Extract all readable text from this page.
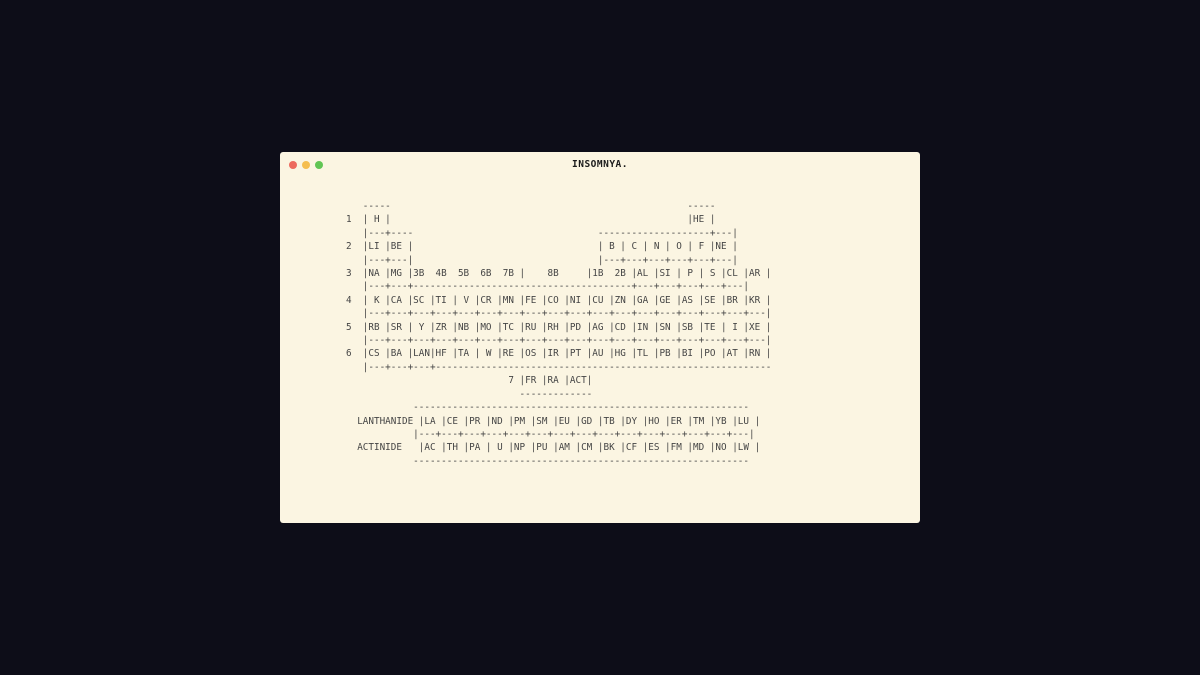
INSOMNYA.
-----                                                     -----
1  | H |                                                     |HE |
|---+----                                 --------------------+---|
2  |LI |BE |                                 | B | C | N | O | F |NE |
|---+---|                                 |---+---+---+---+---+---|
3  |NA |MG |3B  4B  5B  6B  7B |    8B     |1B  2B |AL |SI | P | S |CL |AR |
|---+---+---------------------------------------+---+---+---+---+---|
4  | K |CA |SC |TI | V |CR |MN |FE |CO |NI |CU |ZN |GA |GE |AS |SE |BR |KR |
|---+---+---+---+---+---+---+---+---+---+---+---+---+---+---+---+---+---|
5  |RB |SR | Y |ZR |NB |MO |TC |RU |RH |PD |AG |CD |IN |SN |SB |TE | I |XE |
|---+---+---+---+---+---+---+---+---+---+---+---+---+---+---+---+---+---|
6  |CS |BA |LAN|HF |TA | W |RE |OS |IR |PT |AU |HG |TL |PB |BI |PO |AT |RN |
|---+---+---+------------------------------------------------------------
7 |FR |RA |ACT|
-------------
------------------------------------------------------------
LANTHANIDE |LA |CE |PR |ND |PM |SM |EU |GD |TB |DY |HO |ER |TM |YB |LU |
|---+---+---+---+---+---+---+---+---+---+---+---+---+---+---|
ACTINIDE   |AC |TH |PA | U |NP |PU |AM |CM |BK |CF |ES |FM |MD |NO |LW |
------------------------------------------------------------
